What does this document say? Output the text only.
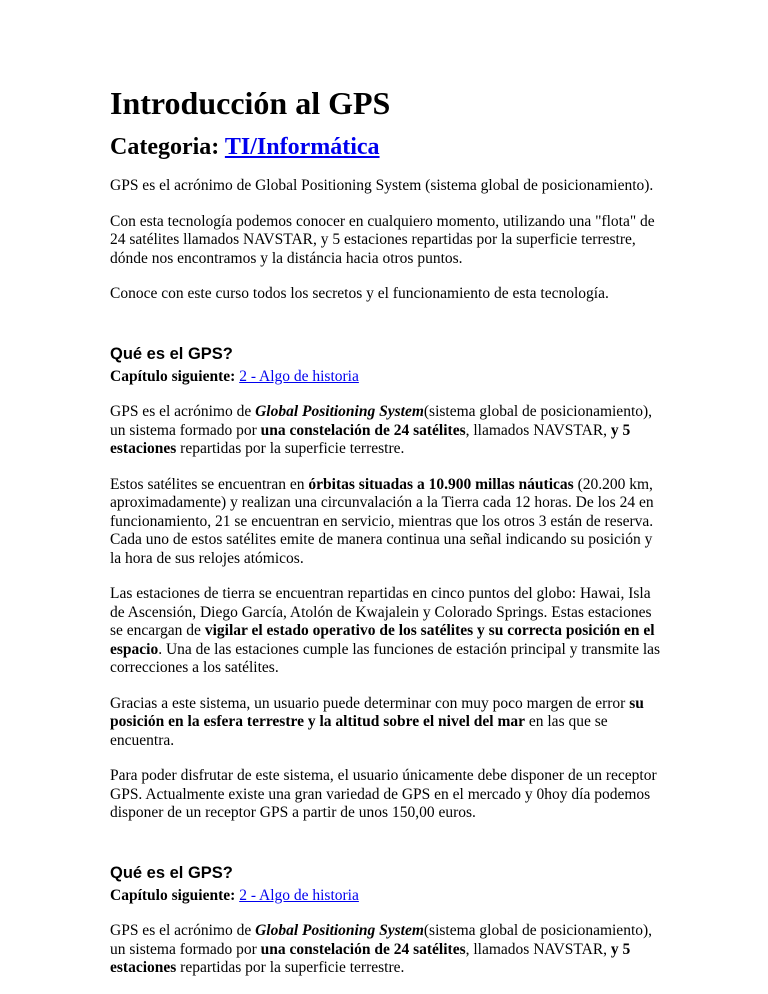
Introducción al GPS
Categoria: TI/Informática

GPS es el acrónimo de Global Positioning System (sistema global de posicionamiento).

Con esta tecnología podemos conocer en cualquiero momento, utilizando una "flota" de 24 satélites llamados NAVSTAR, y 5 estaciones repartidas por la superficie terrestre, dónde nos encontramos y la distáncia hacia otros puntos.

Conoce con este curso todos los secretos y el funcionamiento de esta tecnología.

Qué es el GPS?

Capítulo siguiente: 2 - Algo de historia

GPS es el acrónimo de Global Positioning System(sistema global de posicionamiento), un sistema formado por una constelación de 24 satélites, llamados NAVSTAR, y 5 estaciones repartidas por la superficie terrestre.

Estos satélites se encuentran en órbitas situadas a 10.900 millas náuticas (20.200 km, aproximadamente) y realizan una circunvalación a la Tierra cada 12 horas. De los 24 en funcionamiento, 21 se encuentran en servicio, mientras que los otros 3 están de reserva. Cada uno de estos satélites emite de manera continua una señal indicando su posición y la hora de sus relojes atómicos.

Las estaciones de tierra se encuentran repartidas en cinco puntos del globo: Hawai, Isla de Ascensión, Diego García, Atolón de Kwajalein y Colorado Springs. Estas estaciones se encargan de vigilar el estado operativo de los satélites y su correcta posición en el espacio. Una de las estaciones cumple las funciones de estación principal y transmite las correcciones a los satélites.

Gracias a este sistema, un usuario puede determinar con muy poco margen de error su posición en la esfera terrestre y la altitud sobre el nivel del mar en las que se encuentra.

Para poder disfrutar de este sistema, el usuario únicamente debe disponer de un receptor GPS. Actualmente existe una gran variedad de GPS en el mercado y 0hoy día podemos disponer de un receptor GPS a partir de unos 150,00 euros.

Qué es el GPS?

Capítulo siguiente: 2 - Algo de historia

GPS es el acrónimo de Global Positioning System(sistema global de posicionamiento), un sistema formado por una constelación de 24 satélites, llamados NAVSTAR, y 5 estaciones repartidas por la superficie terrestre.
